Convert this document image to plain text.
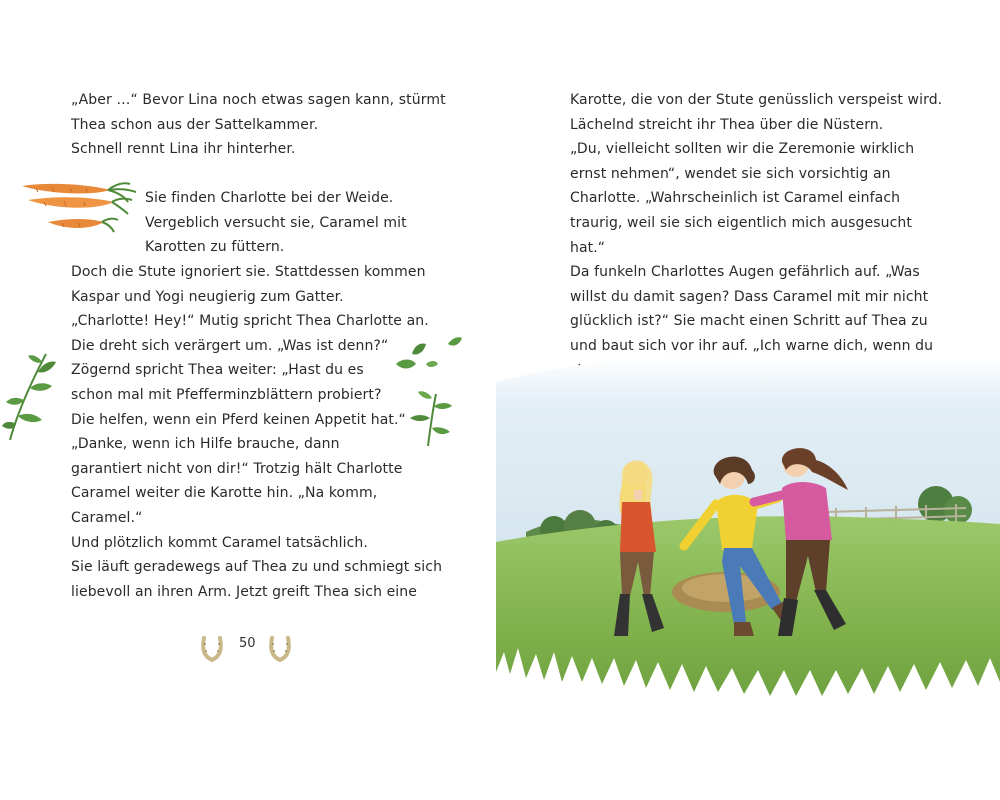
„Aber …“ Bevor Lina noch etwas sagen kann, stürmt
Thea schon aus der Sattelkammer.
Schnell rennt Lina ihr hinterher.
Sie finden Charlotte bei der Weide.
Vergeblich versucht sie, Caramel mit
Karotten zu füttern.
Doch die Stute ignoriert sie. Stattdessen kommen
Kaspar und Yogi neugierig zum Gatter.
„Charlotte! Hey!“ Mutig spricht Thea Charlotte an.
Die dreht sich verärgert um. „Was ist denn?“
Zögernd spricht Thea weiter: „Hast du es
schon mal mit Pfefferminzblättern probiert?
Die helfen, wenn ein Pferd keinen Appetit hat.“
„Danke, wenn ich Hilfe brauche, dann
garantiert nicht von dir!“ Trotzig hält Charlotte
Caramel weiter die Karotte hin. „Na komm,
Caramel.“
Und plötzlich kommt Caramel tatsächlich.
Sie läuft geradewegs auf Thea zu und schmiegt sich
liebevoll an ihren Arm. Jetzt greift Thea sich eine
50
Karotte, die von der Stute genüsslich verspeist wird.
Lächelnd streicht ihr Thea über die Nüstern.
„Du, vielleicht sollten wir die Zeremonie wirklich
ernst nehmen“, wendet sie sich vorsichtig an
Charlotte. „Wahrscheinlich ist Caramel einfach
traurig, weil sie sich eigentlich mich ausgesucht
hat.“
Da funkeln Charlottes Augen gefährlich auf. „Was
willst du damit sagen? Dass Caramel mit mir nicht
glücklich ist?“ Sie macht einen Schritt auf Thea zu
und baut sich vor ihr auf. „Ich warne dich, wenn du
